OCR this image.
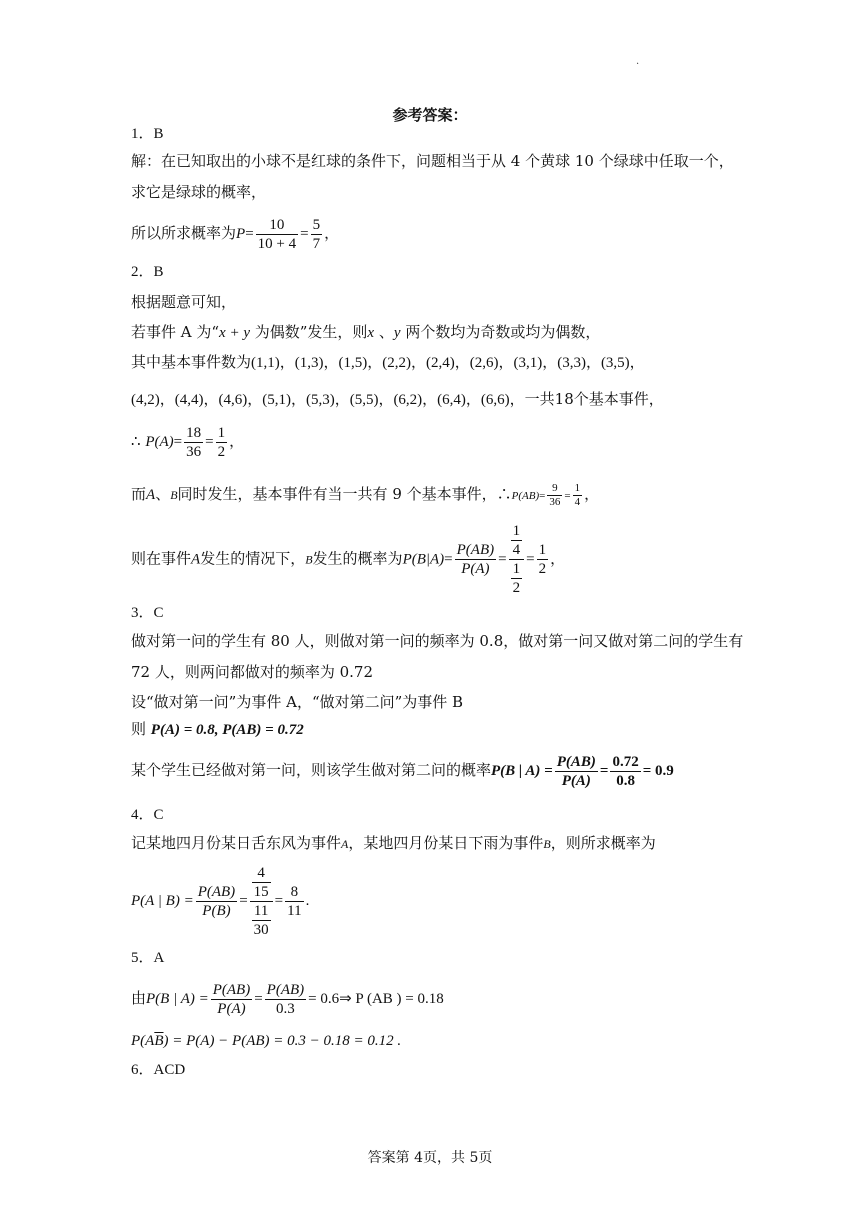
.
参考答案：
1．B
解：在已知取出的小球不是红球的条件下，问题相当于从 4 个黄球 10 个绿球中任取一个，
求它是绿球的概率，
所以所求概率为$P= \frac{10}{10 + 4} = \frac{5}{7}$ ，
2．B
根据题意可知，
若事件 A 为“x + y 为偶数”发生，则x 、y 两个数均为奇数或均为偶数，
其中基本事件数为(1,1)，(1,3)，(1,5)，(2,2)，(2,4)，(2,6)，(3,1)，(3,3)，(3,5)，
(4,2)，(4,4)，(4,6)，(5,1)，(5,3)，(5,5)，(6,2)，(6,4)，(6,6)，一共18个基本事件，
∴ $P(A)= \frac{18}{36} = \frac{1}{2}$ ，
而A、B同时发生，基本事件有当一共有 9 个基本事件，∴P(AB)= $\frac{9}{36} = \frac{1}{4}$ ，
则在事件A发生的情况下，B发生的概率为$P(B|A)= \frac{P(AB)}{P(A)} = \frac{\frac{1}{4}}{\frac{1}{2}} = \frac{1}{2}$ ，
3．C
做对第一问的学生有 80 人，则做对第一问的频率为 0.8，做对第一问又做对第二问的学生有
72 人，则两问都做对的频率为 0.72
设“做对第一问”为事件 A，“做对第二问”为事件 B
则 P(A) = 0.8, P(AB) = 0.72
某个学生已经做对第一问，则该学生做对第二问的概率P(B | $A) = \frac{P(AB)}{P(A)} = \frac{0.72}{0.8} = 0.9$
4．C
记某地四月份某日舌东风为事件A，某地四月份某日下雨为事件B，则所求概率为
P(A | $B) = \frac{P(AB)}{P(B)} = \frac{\frac{4}{15}}{\frac{11}{30}} = \frac{8}{11}$ .
5．A
由P(B | $A) = \frac{P(AB)}{P(A)} = \frac{P(AB)}{0.3}$ = 0.6⇒ P (AB ) = 0.18
$P(A\overline{B}) = P(A) - P(AB) = 0.3 - 0.18 = 0.12$ .
6．ACD
答案第 4页，共 5页
